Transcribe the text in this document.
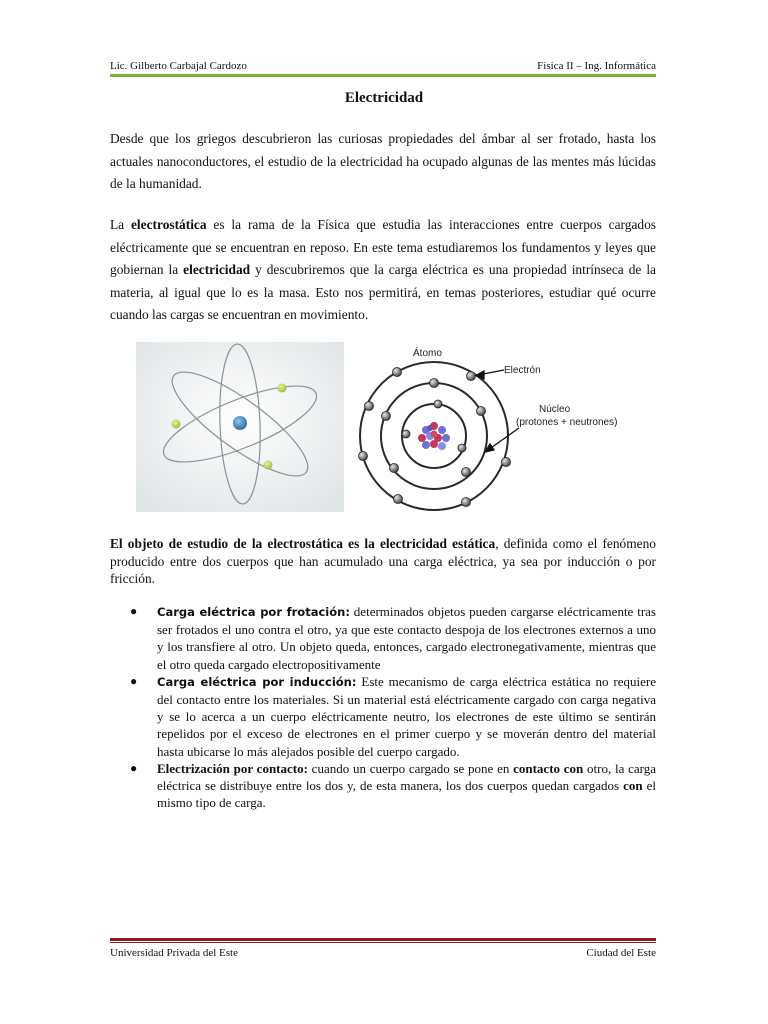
Lic. Gilberto Carbajal Cardozo	Física II – Ing. Informática
Electricidad

Desde que los griegos descubrieron las curiosas propiedades del ámbar al ser frotado, hasta los actuales nanoconductores, el estudio de la electricidad ha ocupado algunas de las mentes más lúcidas de la humanidad.

La electrostática es la rama de la Física que estudia las interacciones entre cuerpos cargados eléctricamente que se encuentran en reposo. En este tema estudiaremos los fundamentos y leyes que gobiernan la electricidad y descubriremos que la carga eléctrica es una propiedad intrínseca de la materia, al igual que lo es la masa. Esto nos permitirá, en temas posteriores, estudiar qué ocurre cuando las cargas se encuentran en movimiento.

Átomo
Electrón
Núcleo
(protones + neutrones)

El objeto de estudio de la electrostática es la electricidad estática, definida como el fenómeno producido entre dos cuerpos que han acumulado una carga eléctrica, ya sea por inducción o por fricción.

● Carga eléctrica por frotación: determinados objetos pueden cargarse eléctricamente tras ser frotados el uno contra el otro, ya que este contacto despoja de los electrones externos a uno y los transfiere al otro. Un objeto queda, entonces, cargado electronegativamente, mientras que el otro queda cargado electropositivamente
● Carga eléctrica por inducción: Este mecanismo de carga eléctrica estática no requiere del contacto entre los materiales. Si un material está eléctricamente cargado con carga negativa y se lo acerca a un cuerpo eléctricamente neutro, los electrones de este último se sentirán repelidos por el exceso de electrones en el primer cuerpo y se moverán dentro del material hasta ubicarse lo más alejados posible del cuerpo cargado.
● Electrización por contacto: cuando un cuerpo cargado se pone en contacto con otro, la carga eléctrica se distribuye entre los dos y, de esta manera, los dos cuerpos quedan cargados con el mismo tipo de carga.
Universidad Privada del Este	Ciudad del Este
